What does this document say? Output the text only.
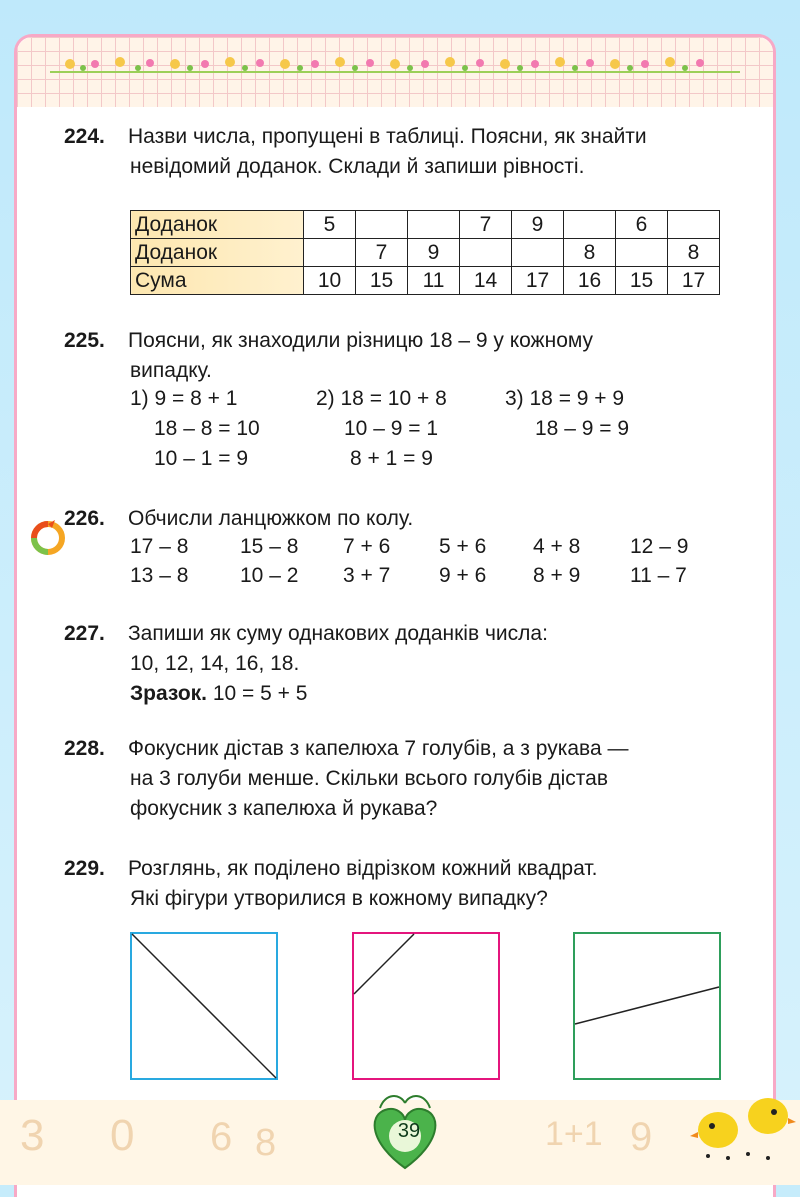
224. Назви числа, пропущені в таблиці. Поясни, як знайти
невідомий доданок. Склади й запиши рівності.
Доданок	5			7	9		6	
Доданок		7	9			8		8
Сума	10	15	11	14	17	16	15	17
225. Поясни, як знаходили різницю 18 – 9 у кожному
випадку.
1) 9 = 8 + 1
18 – 8 = 10
10 – 1 = 9
2) 18 = 10 + 8
10 – 9 = 1
8 + 1 = 9
3) 18 = 9 + 9
18 – 9 = 9
226. Обчисли ланцюжком по колу.
17 – 8 15 – 8 7 + 6 5 + 6 4 + 8 12 – 9
13 – 8 10 – 2 3 + 7 9 + 6 8 + 9 11 – 7
227. Запиши як суму однакових доданків числа:
10, 12, 14, 16, 18.
Зразок. 10 = 5 + 5
228. Фокусник дістав з капелюха 7 голубів, а з рукава —
на 3 голуби менше. Скільки всього голубів дістав
фокусник з капелюха й рукава?
229. Розглянь, як поділено відрізком кожний квадрат.
Які фігури утворилися в кожному випадку?
3 0 6 8	1+1 9
39
